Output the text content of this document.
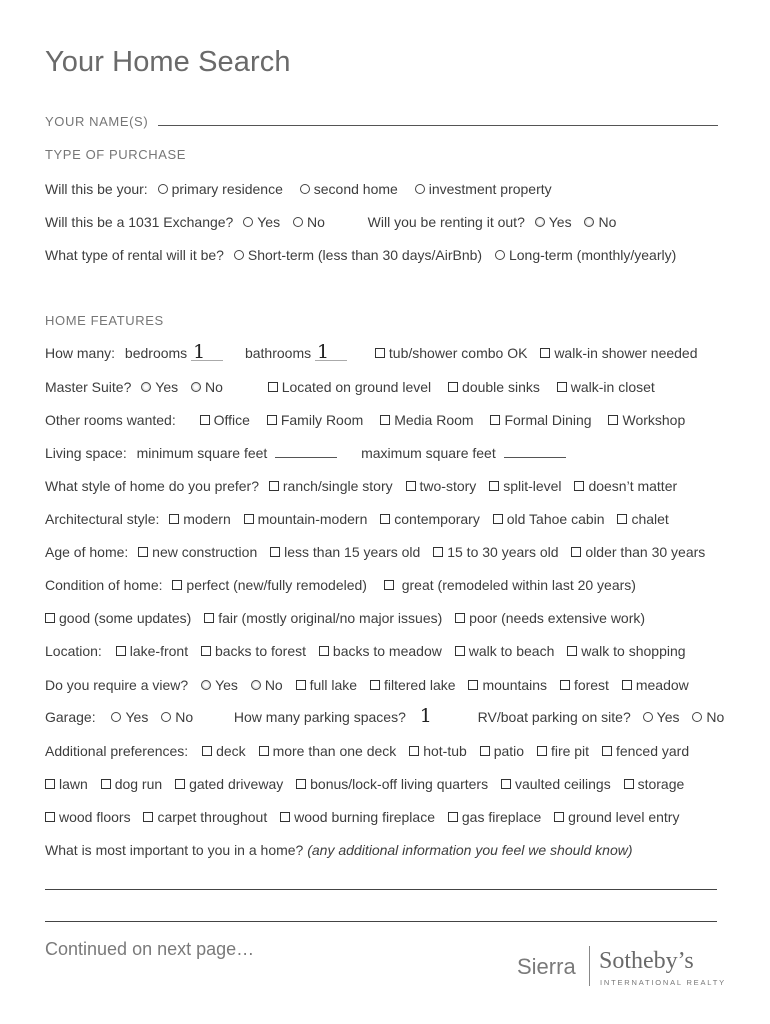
Your Home Search
YOUR NAME(S)
TYPE OF PURCHASE
Will this be your: primary residence second home investment property
Will this be a 1031 Exchange? Yes No	Will you be renting it out? Yes No
What type of rental will it be? Short-term (less than 30 days/AirBnb) Long-term (monthly/yearly)
HOME FEATURES
How many: bedrooms 1	bathrooms 1	tub/shower combo OK walk-in shower needed
Master Suite? Yes No	Located on ground level double sinks walk-in closet
Other rooms wanted:	Office Family Room Media Room Formal Dining Workshop
Living space: minimum square feet	maximum square feet
What style of home do you prefer? ranch/single story two-story split-level doesn’t matter
Architectural style: modern mountain-modern contemporary old Tahoe cabin chalet
Age of home: new construction less than 15 years old 15 to 30 years old older than 30 years
Condition of home: perfect (new/fully remodeled) great (remodeled within last 20 years)
good (some updates) fair (mostly original/no major issues) poor (needs extensive work)
Location: lake-front backs to forest backs to meadow walk to beach walk to shopping
Do you require a view? Yes No full lake filtered lake mountains forest meadow
Garage: Yes No	How many parking spaces? 1	RV/boat parking on site? Yes No
Additional preferences: deck more than one deck hot-tub patio fire pit fenced yard
lawn dog run gated driveway bonus/lock-off living quarters vaulted ceilings storage
wood floors carpet throughout wood burning fireplace gas fireplace ground level entry
What is most important to you in a home? (any additional information you feel we should know)
Continued on next page…
Sierra Sotheby’s
INTERNATIONAL REALTY
